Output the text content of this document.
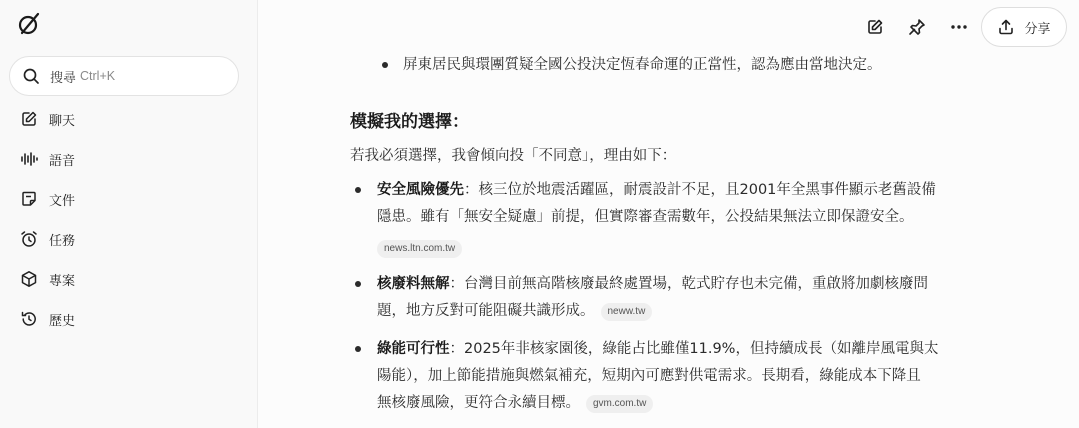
搜尋 Ctrl+K
聊天
語音
文件
任務
專案
歷史
分享
屏東居民與環團質疑全國公投決定恆春命運的正當性，認為應由當地決定。
模擬我的選擇：
若我必須選擇，我會傾向投「不同意」，理由如下：
安全風險優先：核三位於地震活躍區，耐震設計不足，且2001年全黑事件顯示老舊設備
隱患。雖有「無安全疑慮」前提，但實際審查需數年，公投結果無法立即保證安全。
news.ltn.com.tw
核廢料無解：台灣目前無高階核廢最終處置場，乾式貯存也未完備，重啟將加劇核廢問
題，地方反對可能阻礙共識形成。 neww.tw
綠能可行性：2025年非核家園後，綠能占比雖僅11.9%，但持續成長（如離岸風電與太
陽能），加上節能措施與燃氣補充，短期內可應對供電需求。長期看，綠能成本下降且
無核廢風險，更符合永續目標。 gvm.com.tw
